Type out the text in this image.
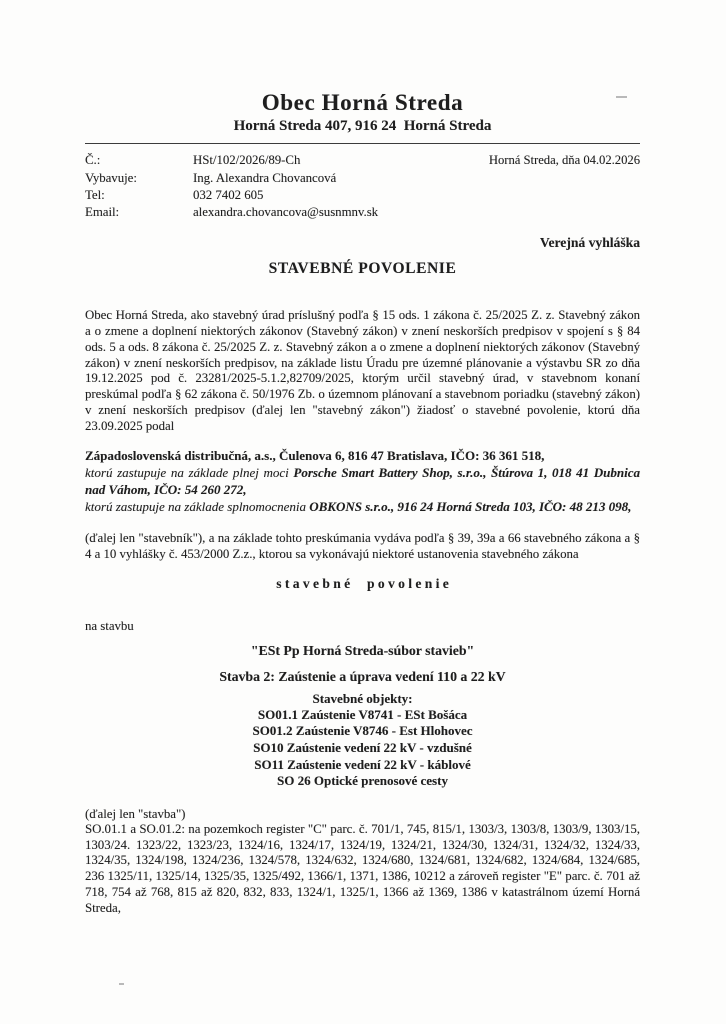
Obec Horná Streda
Horná Streda 407, 916 24  Horná Streda
Č.:	HSt/102/2026/89-Ch
Vybavuje:	Ing. Alexandra Chovancová
Tel:	032 7402 605
Email:	alexandra.chovancova@susnmnv.sk
Horná Streda, dňa 04.02.2026
Verejná vyhláška
STAVEBNÉ POVOLENIE

Obec Horná Streda, ako stavebný úrad príslušný podľa § 15 ods. 1 zákona č. 25/2025 Z. z. Stavebný zákon a o zmene a doplnení niektorých zákonov (Stavebný zákon) v znení neskorších predpisov v spojení s § 84 ods. 5 a ods. 8 zákona č. 25/2025 Z. z. Stavebný zákon a o zmene a doplnení niektorých zákonov (Stavebný zákon) v znení neskorších predpisov, na základe listu Úradu pre územné plánovanie a výstavbu SR zo dňa 19.12.2025 pod č. 23281/2025-5.1.2,82709/2025, ktorým určil stavebný úrad, v stavebnom konaní preskúmal podľa § 62 zákona č. 50/1976 Zb. o územnom plánovaní a stavebnom poriadku (stavebný zákon) v znení neskorších predpisov (ďalej len "stavebný zákon") žiadosť o stavebné povolenie, ktorú dňa 23.09.2025 podal

Západoslovenská distribučná, a.s., Čulenova 6, 816 47 Bratislava, IČO: 36 361 518,
ktorú zastupuje na základe plnej moci Porsche Smart Battery Shop, s.r.o., Štúrova 1, 018 41 Dubnica nad Váhom, IČO: 54 260 272,
ktorú zastupuje na základe splnomocnenia OBKONS s.r.o., 916 24 Horná Streda 103, IČO: 48 213 098,

(ďalej len "stavebník"), a na základe tohto preskúmania vydáva podľa § 39, 39a a 66 stavebného zákona a § 4 a 10 vyhlášky č. 453/2000 Z.z., ktorou sa vykonávajú niektoré ustanovenia stavebného zákona

s t a v e b n é     p o v o l e n i e
na stavbu
"ESt Pp Horná Streda-súbor stavieb"
Stavba 2: Zaústenie a úprava vedení 110 a 22 kV
Stavebné objekty:
SO01.1 Zaústenie V8741 - ESt Bošáca
SO01.2 Zaústenie V8746 - Est Hlohovec
SO10 Zaústenie vedení 22 kV - vzdušné
SO11 Zaústenie vedení 22 kV - káblové
SO 26 Optické prenosové cesty
(ďalej len "stavba")

SO.01.1 a SO.01.2: na pozemkoch register "C" parc. č. 701/1, 745, 815/1, 1303/3, 1303/8, 1303/9, 1303/15, 1303/24. 1323/22, 1323/23, 1324/16, 1324/17, 1324/19, 1324/21, 1324/30, 1324/31, 1324/32, 1324/33, 1324/35, 1324/198, 1324/236, 1324/578, 1324/632, 1324/680, 1324/681, 1324/682, 1324/684, 1324/685, 236 1325/11, 1325/14, 1325/35, 1325/492, 1366/1, 1371, 1386, 10212 a zároveň register "E" parc. č. 701 až 718, 754 až 768, 815 až 820, 832, 833, 1324/1, 1325/1, 1366 až 1369, 1386 v katastrálnom území Horná Streda,
